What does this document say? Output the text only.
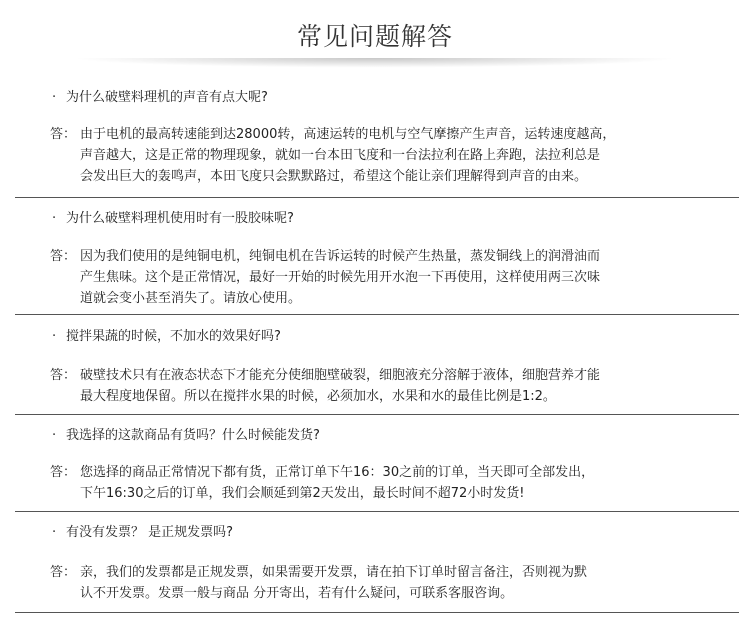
常见问题解答
· 为什么破壁料理机的声音有点大呢?
答： 由于电机的最高转速能到达28000转，高速运转的电机与空气摩擦产生声音，运转速度越高，
声音越大，这是正常的物理现象，就如一台本田飞度和一台法拉利在路上奔跑，法拉利总是
会发出巨大的轰鸣声，本田飞度只会默默路过，希望这个能让亲们理解得到声音的由来。
· 为什么破壁料理机使用时有一股胶味呢?
答： 因为我们使用的是纯铜电机，纯铜电机在告诉运转的时候产生热量，蒸发铜线上的润滑油而
产生焦味。这个是正常情况，最好一开始的时候先用开水泡一下再使用，这样使用两三次味
道就会变小甚至消失了。请放心使用。
· 搅拌果蔬的时候，不加水的效果好吗?
答： 破壁技术只有在液态状态下才能充分使细胞壁破裂，细胞液充分溶解于液体，细胞营养才能
最大程度地保留。所以在搅拌水果的时候，必须加水，水果和水的最佳比例是1:2。
· 我选择的这款商品有货吗？什么时候能发货?
答： 您选择的商品正常情况下都有货，正常订单下午16：30之前的订单，当天即可全部发出，
下午16:30之后的订单，我们会顺延到第2天发出，最长时间不超72小时发货!
· 有没有发票？ 是正规发票吗?
答： 亲，我们的发票都是正规发票，如果需要开发票，请在拍下订单时留言备注，否则视为默
认不开发票。发票一般与商品 分开寄出，若有什么疑问，可联系客服咨询。
